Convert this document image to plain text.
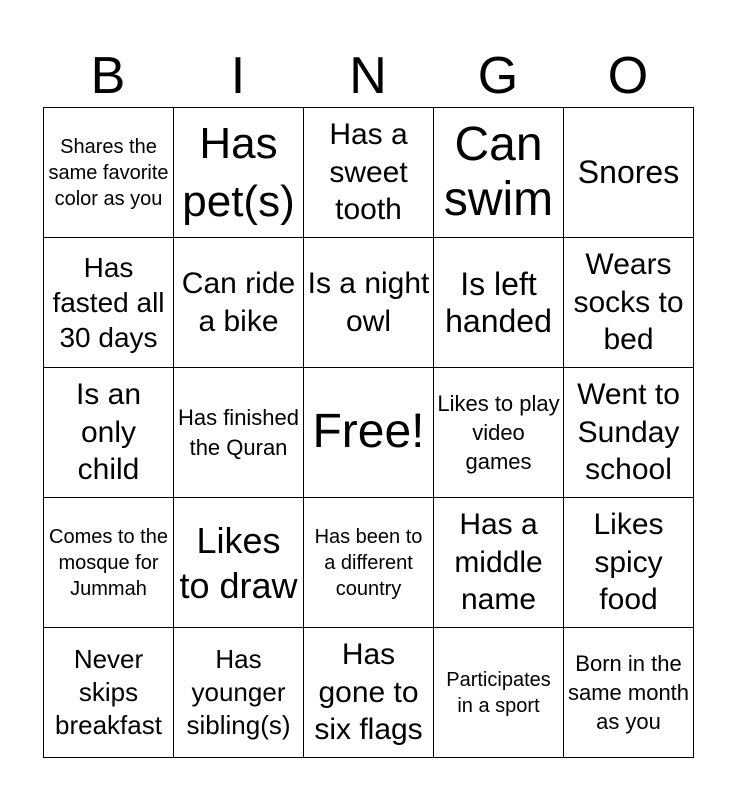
B	I	N	G	O
Shares the same favorite color as you	Has pet(s)	Has a sweet tooth	Can swim	Snores
Has fasted all 30 days	Can ride a bike	Is a night owl	Is left handed	Wears socks to bed
Is an only child	Has finished the Quran	Free!	Likes to play video games	Went to Sunday school
Comes to the mosque for Jummah	Likes to draw	Has been to a different country	Has a middle name	Likes spicy food
Never skips breakfast	Has younger sibling(s)	Has gone to six flags	Participates in a sport	Born in the same month as you
